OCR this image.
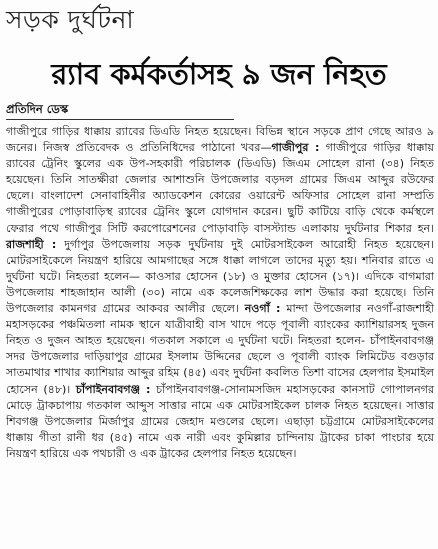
সড়ক দুর্ঘটনা
র‍্যাব কর্মকর্তাসহ ৯ জন নিহত
প্রতিদিন ডেস্ক
গাজীপুরে গাড়ির ধাক্কায় র‍্যাবের ডিএডি নিহত হয়েছেন। বিভিন্ন স্থানে সড়কে প্রাণ গেছে আরও ৯ জনের। নিজস্ব প্রতিবেদক ও প্রতিনিধিদের পাঠানো খবর—গাজীপুর : গাজীপুরে গাড়ির ধাক্কায় র‍্যাবের ট্রেনিং স্কুলের এক উপ-সহকারী পরিচালক (ডিএডি) জিএম সোহেল রানা (৩৪) নিহত হয়েছেন। তিনি সাতক্ষীরা জেলার আশাশুনি উপজেলার বড়দল গ্রামের জিএম আব্দুর রউফের ছেলে। বাংলাদেশ সেনাবাহিনীর অ্যাডকেশন কোরের ওয়ারেন্ট অফিসার সোহেল রানা সম্প্রতি গাজীপুরের পোড়াবাড়িস্থ র‍্যাবের ট্রেনিং স্কুলে যোগদান করেন। ছুটি কাটিয়ে বাড়ি থেকে কর্মস্থলে ফেরার পথে গাজীপুর সিটি করপোরেশনের পোড়াবাড়ি বাসস্ট্যান্ড এলাকায় দুর্ঘটনার শিকার হন। রাজশাহী : দুর্গাপুর উপজেলায় সড়ক দুর্ঘটনায় দুই মোটরসাইকেল আরোহী নিহত হয়েছেন। মোটরসাইকেলে নিয়ন্ত্রণ হারিয়ে আমগাছের সঙ্গে ধাক্কা লাগলে তাদের মৃত্যু হয়। শনিবার রাতে এ দুর্ঘটনা ঘটে। নিহতরা হলেন— কাওসার হোসেন (১৮) ও মুক্তার হোসেন (১৭)। এদিকে বাগমারা উপজেলায় শাহজাহান আলী (৩০) নামে এক কলেজশিক্ষকের লাশ উদ্ধার করা হয়েছে। তিনি উপজেলার কামনগর গ্রামের আকবর আলীর ছেলে। নওগাঁ : মান্দা উপজেলার নওগাঁ-রাজশাহী মহাসড়কের পঞ্চমিতলা নামক স্থানে যাত্রীবাহী বাস খাদে পড়ে পূবালী ব্যাংকের ক্যাশিয়ারসহ দুজন নিহত ও দুজন আহত হয়েছেন। গতকাল সকালে এ দুর্ঘটনা ঘটে। নিহতরা হলেন- চাঁপাইনবাবগঞ্জ সদর উপজেলার দাড়িয়াপুর গ্রামের ইসলাম উদ্দিনের ছেলে ও পূবালী ব্যাংক লিমিটেড বগুড়ার সাতমাথার শাখার ক্যাশিয়ার আব্দুর রহিম (৪৫) এবং দুর্ঘটনা কবলিত তিশা বাসের হেলপার ইসমাইল হোসেন (৪৮)। চাঁপাইনবাবগঞ্জ : চাঁপাইনবাবগঞ্জ-সোনামসজিদ মহাসড়কের কানসাট গোপালনগর মোড়ে ট্রাকচাপায় গতকাল আব্দুস সাত্তার নামে এক মোটরসাইকেল চালক নিহত হয়েছেন। সাত্তার শিবগঞ্জ উপজেলার মির্জাপুর গ্রামের জেহাদ মণ্ডলের ছেলে। এছাড়া চট্টগ্রামে মোটরসাইকেলের ধাক্কায় গীতা রানী ধর (৪৫) নামে এক নারী এবং কুমিল্লার চান্দিনায় ট্রাকের চাকা পাংচার হয়ে নিয়ন্ত্রণ হারিয়ে এক পথচারী ও এক ট্রাকের হেলপার নিহত হয়েছেন।
